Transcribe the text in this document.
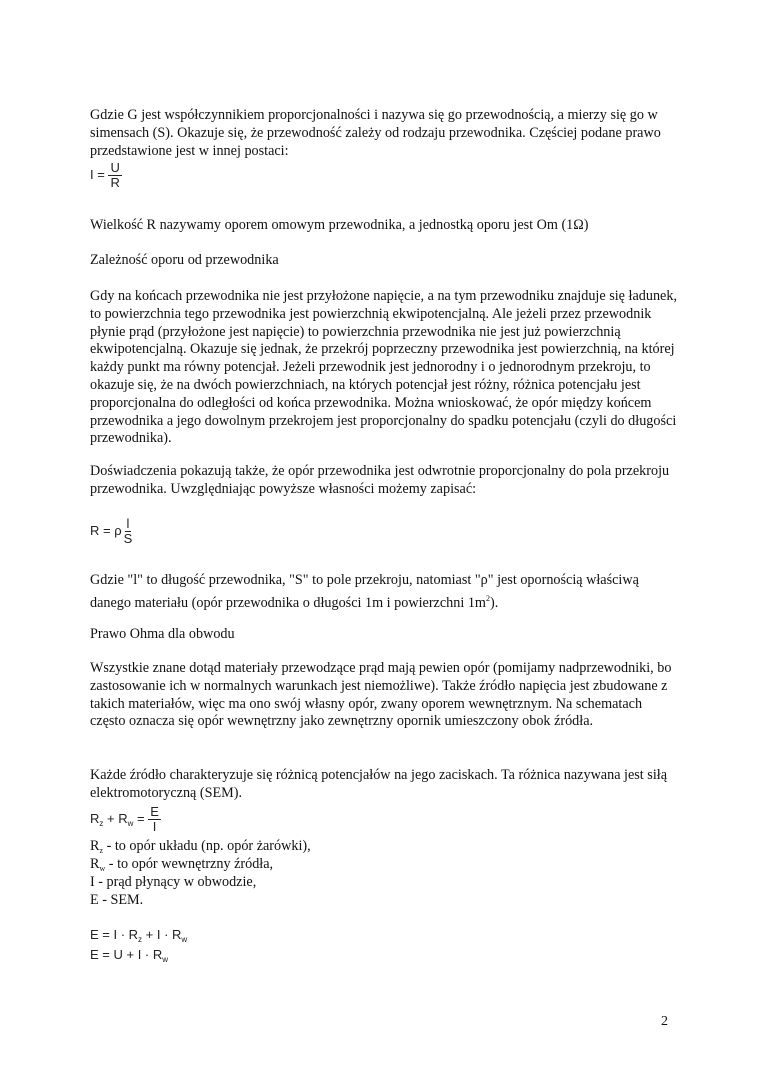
Gdzie G jest współczynnikiem proporcjonalności i nazywa się go przewodnością, a mierzy się go w simensach (S). Okazuje się, że przewodność zależy od rodzaju przewodnika. Częściej podane prawo przedstawione jest w innej postaci:

$I = \frac{U}{R}$

Wielkość R nazywamy oporem omowym przewodnika, a jednostką oporu jest Om (1Ω)

Zależność oporu od przewodnika

Gdy na końcach przewodnika nie jest przyłożone napięcie, a na tym przewodniku znajduje się ładunek, to powierzchnia tego przewodnika jest powierzchnią ekwipotencjalną. Ale jeżeli przez przewodnik płynie prąd (przyłożone jest napięcie) to powierzchnia przewodnika nie jest już powierzchnią ekwipotencjalną. Okazuje się jednak, że przekrój poprzeczny przewodnika jest powierzchnią, na której każdy punkt ma równy potencjał. Jeżeli przewodnik jest jednorodny i o jednorodnym przekroju, to okazuje się, że na dwóch powierzchniach, na których potencjał jest różny, różnica potencjału jest proporcjonalna do odległości od końca przewodnika. Można wnioskować, że opór między końcem przewodnika a jego dowolnym przekrojem jest proporcjonalny do spadku potencjału (czyli do długości przewodnika).

Doświadczenia pokazują także, że opór przewodnika jest odwrotnie proporcjonalny do pola przekroju przewodnika. Uwzględniając powyższe własności możemy zapisać:

R = ρ $\frac{l}{S}$

Gdzie "l" to długość przewodnika, "S" to pole przekroju, natomiast "ρ" jest opornością właściwą danego materiału (opór przewodnika o długości 1m i powierzchni $1m^2$).

Prawo Ohma dla obwodu

Wszystkie znane dotąd materiały przewodzące prąd mają pewien opór (pomijamy nadprzewodniki, bo zastosowanie ich w normalnych warunkach jest niemożliwe). Także źródło napięcia jest zbudowane z takich materiałów, więc ma ono swój własny opór, zwany oporem wewnętrznym. Na schematach często oznacza się opór wewnętrzny jako zewnętrzny opornik umieszczony obok źródła.

Każde źródło charakteryzuje się różnicą potencjałów na jego zaciskach. Ta różnica nazywana jest siłą elektromotoryczną (SEM).

$R_z + R_w = \frac{E}{I}$

$R_z$ - to opór układu (np. opór żarówki),

$R_w$ - to opór wewnętrzny źródła,

I - prąd płynący w obwodzie,

E - SEM.

$E = I \cdot R_z + I \cdot R_w$
$E = U + I \cdot R_w$
2
